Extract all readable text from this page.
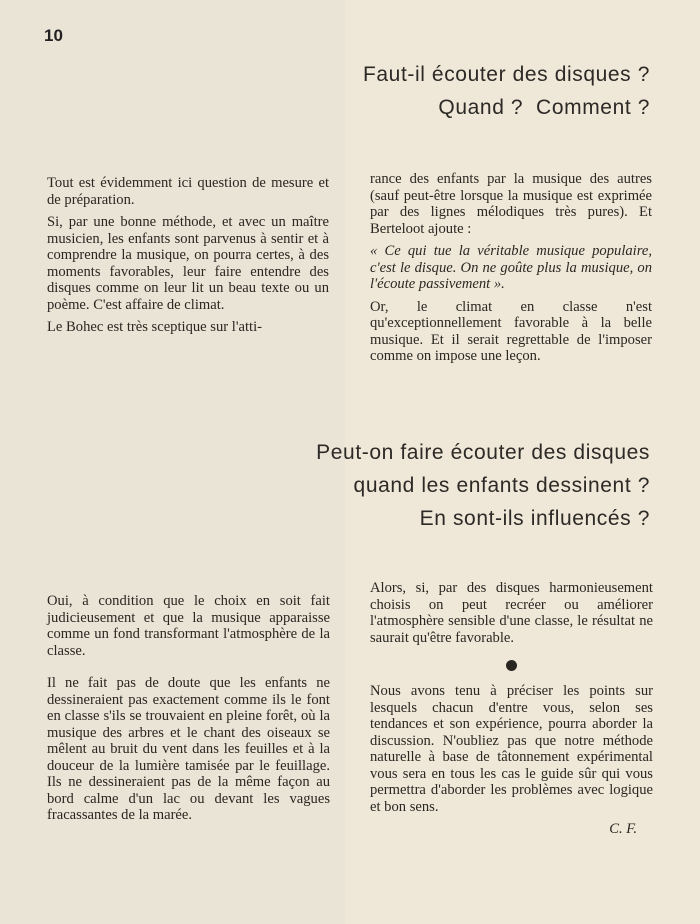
10
Faut-il écouter des disques ?
Quand ?  Comment ?

Tout est évidemment ici question de mesure et de préparation.

Si, par une bonne méthode, et avec un maître musicien, les enfants sont parvenus à sentir et à comprendre la musique, on pourra certes, à des moments favorables, leur faire entendre des disques comme on leur lit un beau texte ou un poème. C'est affaire de climat.

Le Bohec est très sceptique sur l'atti-

rance des enfants par la musique des autres (sauf peut-être lorsque la musique est exprimée par des lignes mélodiques très pures). Et Berteloot ajoute :

« Ce qui tue la véritable musique populaire, c'est le disque. On ne goûte plus la musique, on l'écoute passivement ».

Or, le climat en classe n'est qu'exceptionnellement favorable à la belle musique. Et il serait regrettable de l'imposer comme on impose une leçon.

Peut-on faire écouter des disques
quand les enfants dessinent ?
En sont-ils influencés ?

Oui, à condition que le choix en soit fait judicieusement et que la musique apparaisse comme un fond transformant l'atmosphère de la classe.

Il ne fait pas de doute que les enfants ne dessineraient pas exactement comme ils le font en classe s'ils se trouvaient en pleine forêt, où la musique des arbres et le chant des oiseaux se mêlent au bruit du vent dans les feuilles et à la douceur de la lumière tamisée par le feuillage. Ils ne dessineraient pas de la même façon au bord calme d'un lac ou devant les vagues fracassantes de la marée.

Alors, si, par des disques harmonieusement choisis on peut recréer ou améliorer l'atmosphère sensible d'une classe, le résultat ne saurait qu'être favorable.

Nous avons tenu à préciser les points sur lesquels chacun d'entre vous, selon ses tendances et son expérience, pourra aborder la discussion. N'oubliez pas que notre méthode naturelle à base de tâtonnement expérimental vous sera en tous les cas le guide sûr qui vous permettra d'aborder les problèmes avec logique et bon sens.

C. F.
